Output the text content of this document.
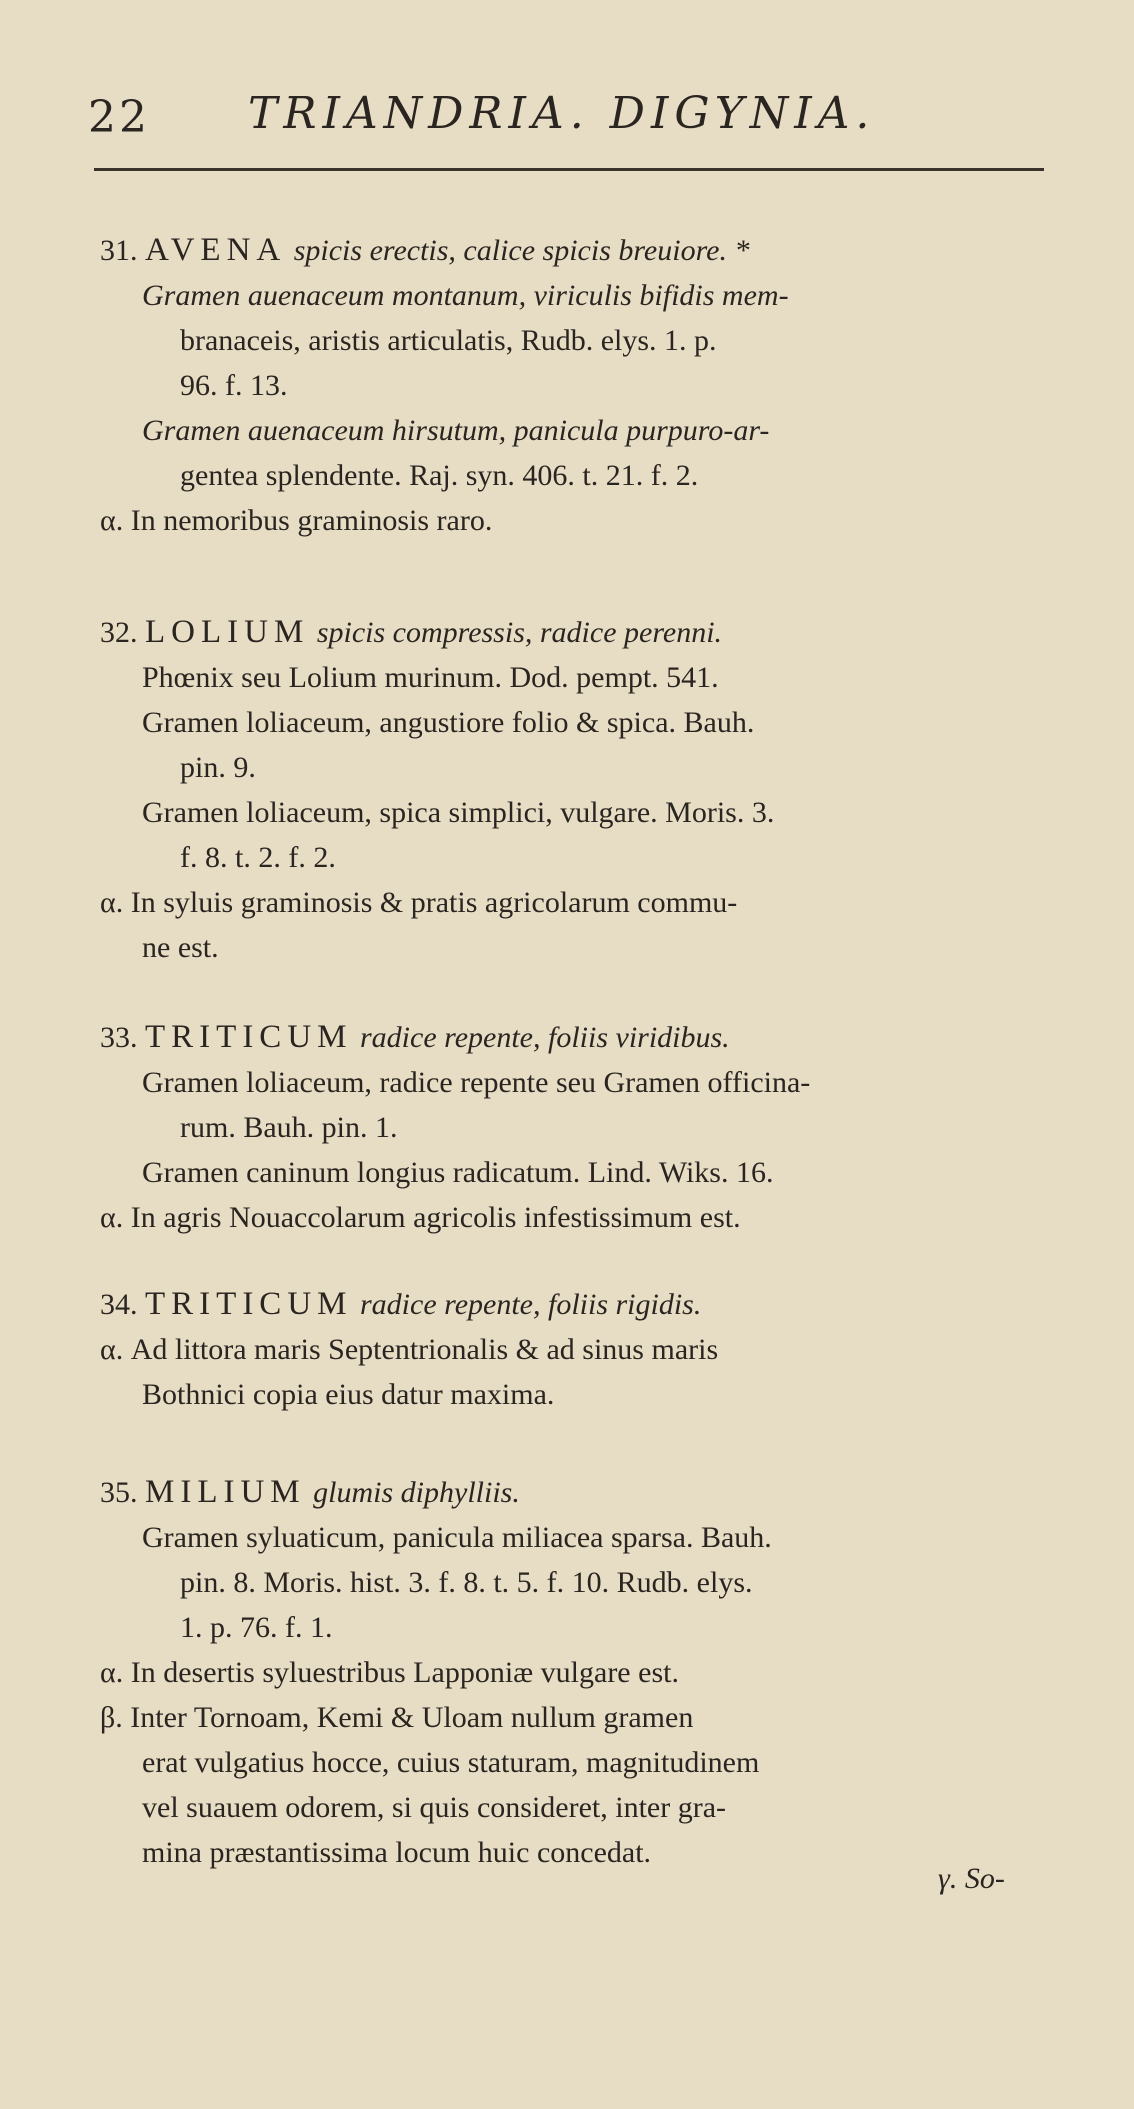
22 TRIANDRIA. DIGYNIA.
31. AVENA spicis erectis, calice spicis breuiore. *
Gramen auenaceum montanum, viriculis bifidis mem-
branaceis, aristis articulatis, Rudb. elys. 1. p.
96. f. 13.
Gramen auenaceum hirsutum, panicula purpuro-ar-
gentea splendente. Raj. syn. 406. t. 21. f. 2.
α. In nemoribus graminosis raro.
32. LOLIUM spicis compressis, radice perenni.
Phœnix seu Lolium murinum. Dod. pempt. 541.
Gramen loliaceum, angustiore folio & spica. Bauh.
pin. 9.
Gramen loliaceum, spica simplici, vulgare. Moris. 3.
f. 8. t. 2. f. 2.
α. In syluis graminosis & pratis agricolarum commu-
ne est.
33. TRITICUM radice repente, foliis viridibus.
Gramen loliaceum, radice repente seu Gramen officina-
rum. Bauh. pin. 1.
Gramen caninum longius radicatum. Lind. Wiks. 16.
α. In agris Nouaccolarum agricolis infestissimum est.
34. TRITICUM radice repente, foliis rigidis.
α. Ad littora maris Septentrionalis & ad sinus maris
Bothnici copia eius datur maxima.
35. MILIUM glumis diphylliis.
Gramen syluaticum, panicula miliacea sparsa. Bauh.
pin. 8. Moris. hist. 3. f. 8. t. 5. f. 10. Rudb. elys.
1. p. 76. f. 1.
α. In desertis syluestribus Lapponiæ vulgare est.
β. Inter Tornoam, Kemi & Uloam nullum gramen
erat vulgatius hocce, cuius staturam, magnitudinem
vel suauem odorem, si quis consideret, inter gra-
mina præstantissima locum huic concedat.
γ. So-
